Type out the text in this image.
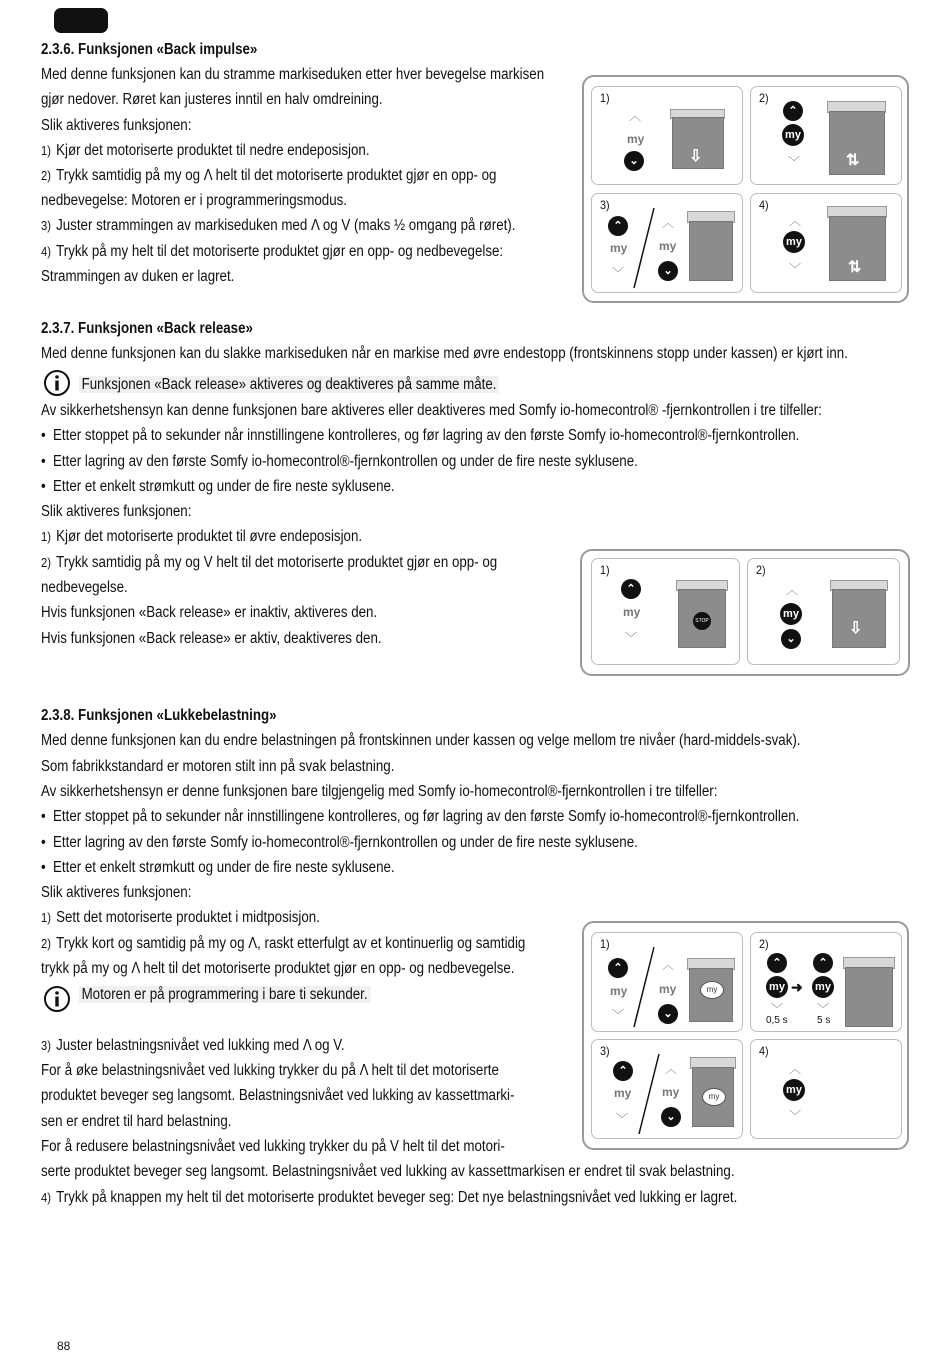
2.3.6. Funksjonen «Back impulse»
Med denne funksjonen kan du stramme markiseduken etter hver bevegelse markisen
gjør nedover. Røret kan justeres inntil en halv omdreining.
Slik aktiveres funksjonen:
1) Kjør det motoriserte produktet til nedre endeposisjon.
2) Trykk samtidig på my og Λ helt til det motoriserte produktet gjør en opp- og
nedbevegelse: Motoren er i programmeringsmodus.
3) Juster strammingen av markiseduken med Λ og V (maks ½ omgang på røret).
4) Trykk på my helt til det motoriserte produktet gjør en opp- og nedbevegelse:
Strammingen av duken er lagret.
1)
︿
my
⌄	⇩
2)
⌃
my
﹀	⇅
3)
⌃
my
﹀
︿
my
⌄
4)
︿
my
﹀	⇅
2.3.7. Funksjonen «Back release»
Med denne funksjonen kan du slakke markiseduken når en markise med øvre endestopp (frontskinnens stopp under kassen) er kjørt inn.
Funksjonen «Back release» aktiveres og deaktiveres på samme måte.
Av sikkerhetshensyn kan denne funksjonen bare aktiveres eller deaktiveres med Somfy io-homecontrol® -fjernkontrollen i tre tilfeller:
• Etter stoppet på to sekunder når innstillingene kontrolleres, og før lagring av den første Somfy io-homecontrol®-fjernkontrollen.
• Etter lagring av den første Somfy io-homecontrol®-fjernkontrollen og under de fire neste syklusene.
• Etter et enkelt strømkutt og under de fire neste syklusene.
Slik aktiveres funksjonen:
1) Kjør det motoriserte produktet til øvre endeposisjon.
2) Trykk samtidig på my og V helt til det motoriserte produktet gjør en opp- og
nedbevegelse.
Hvis funksjonen «Back release» er inaktiv, aktiveres den.
Hvis funksjonen «Back release» er aktiv, deaktiveres den.
1)
⌃
my
﹀
STOP
2)
︿
my
⌄
⇩
2.3.8. Funksjonen «Lukkebelastning»
Med denne funksjonen kan du endre belastningen på frontskinnen under kassen og velge mellom tre nivåer (hard-middels-svak).
Som fabrikkstandard er motoren stilt inn på svak belastning.
Av sikkerhetshensyn er denne funksjonen bare tilgjengelig med Somfy io-homecontrol®-fjernkontrollen i tre tilfeller:
• Etter stoppet på to sekunder når innstillingene kontrolleres, og før lagring av den første Somfy io-homecontrol®-fjernkontrollen.
• Etter lagring av den første Somfy io-homecontrol®-fjernkontrollen og under de fire neste syklusene.
• Etter et enkelt strømkutt og under de fire neste syklusene.
Slik aktiveres funksjonen:
1) Sett det motoriserte produktet i midtposisjon.
2) Trykk kort og samtidig på my og Λ, raskt etterfulgt av et kontinuerlig og samtidig
trykk på my og Λ helt til det motoriserte produktet gjør en opp- og nedbevegelse.
Motoren er på programmering i bare ti sekunder.
3) Juster belastningsnivået ved lukking med Λ og V.
For å øke belastningsnivået ved lukking trykker du på Λ helt til det motoriserte
produktet beveger seg langsomt. Belastningsnivået ved lukking av kassettmarki-
sen er endret til hard belastning.
For å redusere belastningsnivået ved lukking trykker du på V helt til det motori-
serte produktet beveger seg langsomt. Belastningsnivået ved lukking av kassettmarkisen er endret til svak belastning.
4) Trykk på knappen my helt til det motoriserte produktet beveger seg: Det nye belastningsnivået ved lukking er lagret.
1)
⌃
my
﹀
︿
my
⌄
my
2)
⌃
my ➜
⌃
my
﹀	﹀
0,5 s	5 s
3)
⌃
my
﹀
︿
my
⌄
my
4)
︿
my
﹀
88
